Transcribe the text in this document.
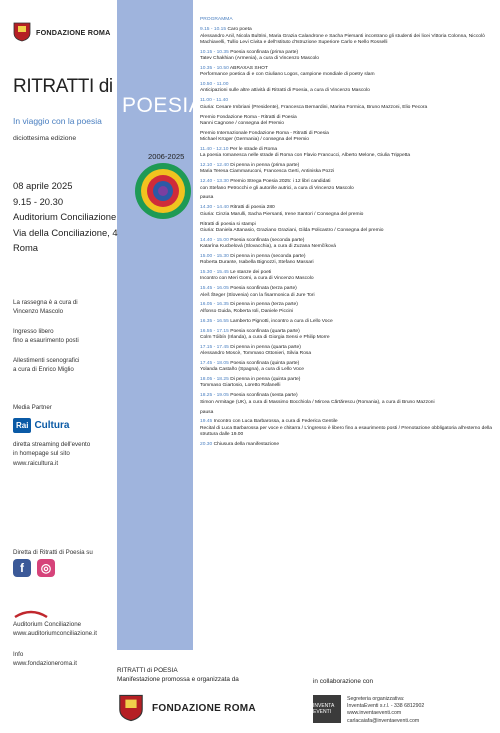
FONDAZIONE ROMA
RITRATTI di
POESIA
In viaggio con la poesia
diciottesima edizione
2006-2025
08 aprile 2025
9.15 - 20.30
Auditorium Conciliazione
Via della Conciliazione, 4
Roma
La rassegna è a cura di
Vincenzo Mascolo
Ingresso libero
fino a esaurimento posti
Allestimenti scenografici
a cura di Enrico Miglio
Media Partner
Rai Cultura
diretta streaming dell'evento
in homepage sul sito
www.raicultura.it
Diretta di Ritratti di Poesia su
f	◎
Auditorium Conciliazione
www.auditoriumconciliazione.it
Info
www.fondazioneroma.it
PROGRAMMA
9.15 - 10.15 Caro poeta
Alessandro Anil, Nicola Bultrini, Maria Grazia Calandrone e Sacha Piersanti incontrano gli studenti dei licei Vittoria Colonna, Niccolò Machiavelli, Tullio Levi Civita e dell'Istituto d'Istruzione Superiore Carlo e Nello Rosselli
10.15 - 10.35 Poesia sconfinata (prima parte)
Tatev Chakhian (Armenia), a cura di Vincenzo Mascolo
10.35 - 10.50 ABRAXAS SHOT
Performance poetica di e con Giuliano Logos, campione mondiale di poetry slam
10.50 - 11.00
Anticipazioni sulle altre attività di Ritratti di Poesia, a cura di Vincenzo Mascolo
11.00 - 11.40
Giuria: Cesare Imbriani (Presidente), Francesca Bernardini, Marina Formica, Bruno Mazzoni, Elio Pecora
Premio Fondazione Roma - Ritratti di Poesia
Nanni Cagnone / consegna del Premio
Premio Internazionale Fondazione Roma - Ritratti di Poesia
Michael Krüger (Germania) / consegna del Premio
11.40 - 12.10 Per le strade di Roma
La poesia romanesca nelle strade di Roma con Flavio Francucci, Alberto Melone, Giulia Trippetta
12.10 - 12.40 Di penna in penna (prima parte)
Maria Teresa Ciammaruconi, Francesca Gerti, Antiniska Pozzi
12.40 - 13.30 Premio Strega Poesia 2025: i 12 libri candidati
con Stefano Petrocchi e gli autori/le autrici, a cura di Vincenzo Mascolo
pausa
14.30 - 14.40 Ritratti di poesia 280
Giuria: Cinzia Marulli, Sacha Piersanti, Irene Santori / Consegna del premio
Ritratti di poesia si stampi
Giuria: Daniela Attanasio, Graziano Graziani, Gilda Policastro / Consegna del premio
14.40 - 15.00 Poesia sconfinata (seconda parte)
Katarína Kucbelová (Slovacchia), a cura di Zuzana Nemčíková
15.00 - 15.30 Di penna in penna (seconda parte)
Roberta Durante, Isabella Bignozzi, Stefano Massari
15.30 - 15.45 Le stanze dei poeti
Incontro con Meri Gorni, a cura di Vincenzo Mascolo
15.45 - 16.05 Poesia sconfinata (terza parte)
Aleš Šteger (Slovenia) con la fisarmonica di Jure Tori
16.05 - 16.35 Di penna in penna (terza parte)
Alfonso Guida, Roberta Ioli, Daniele Piccini
16.35 - 16.55 Lamberto Pignotti, incontro a cura di Lello Voce
16.55 - 17.15 Poesia sconfinata (quarta parte)
Colm Tóibín (Irlanda), a cura di Giorgia Sensi e Philip Morre
17.15 - 17.45 Di penna in penna (quarta parte)
Alessandro Moscè, Tommaso Ottonieri, Silvia Rosa
17.45 - 18.05 Poesia sconfinata (quinta parte)
Yolanda Castaño (Spagna), a cura di Lello Voce
18.05 - 18.25 Di penna in penna (quinta parte)
Tommaso Giartosio, Loretto Rafanelli
18.25 - 19.05 Poesia sconfinata (sesta parte)
Simon Armitage (UK), a cura di Massimo Bocchiola / Mircea Cărtărescu (Romania), a cura di Bruno Mazzoni
pausa
19.45 Incontro con Luca Barbarossa, a cura di Federica Gentile
Recital di Luca Barbarossa per voce e chitarra / L'ingresso è libero fino a esaurimento posti / Prenotazione obbligatoria all'esterno della struttura dalle 19.00
20.30 Chiusura della manifestazione
RITRATTI di POESIA
Manifestazione promossa e organizzata da	in collaborazione con
FONDAZIONE ROMA	INVENTA EVENTI
Segreteria organizzativa:
InventaEventi s.r.l. - 338 6812902
www.inventaeventi.com
carlacaiafa@inventaeventi.com
